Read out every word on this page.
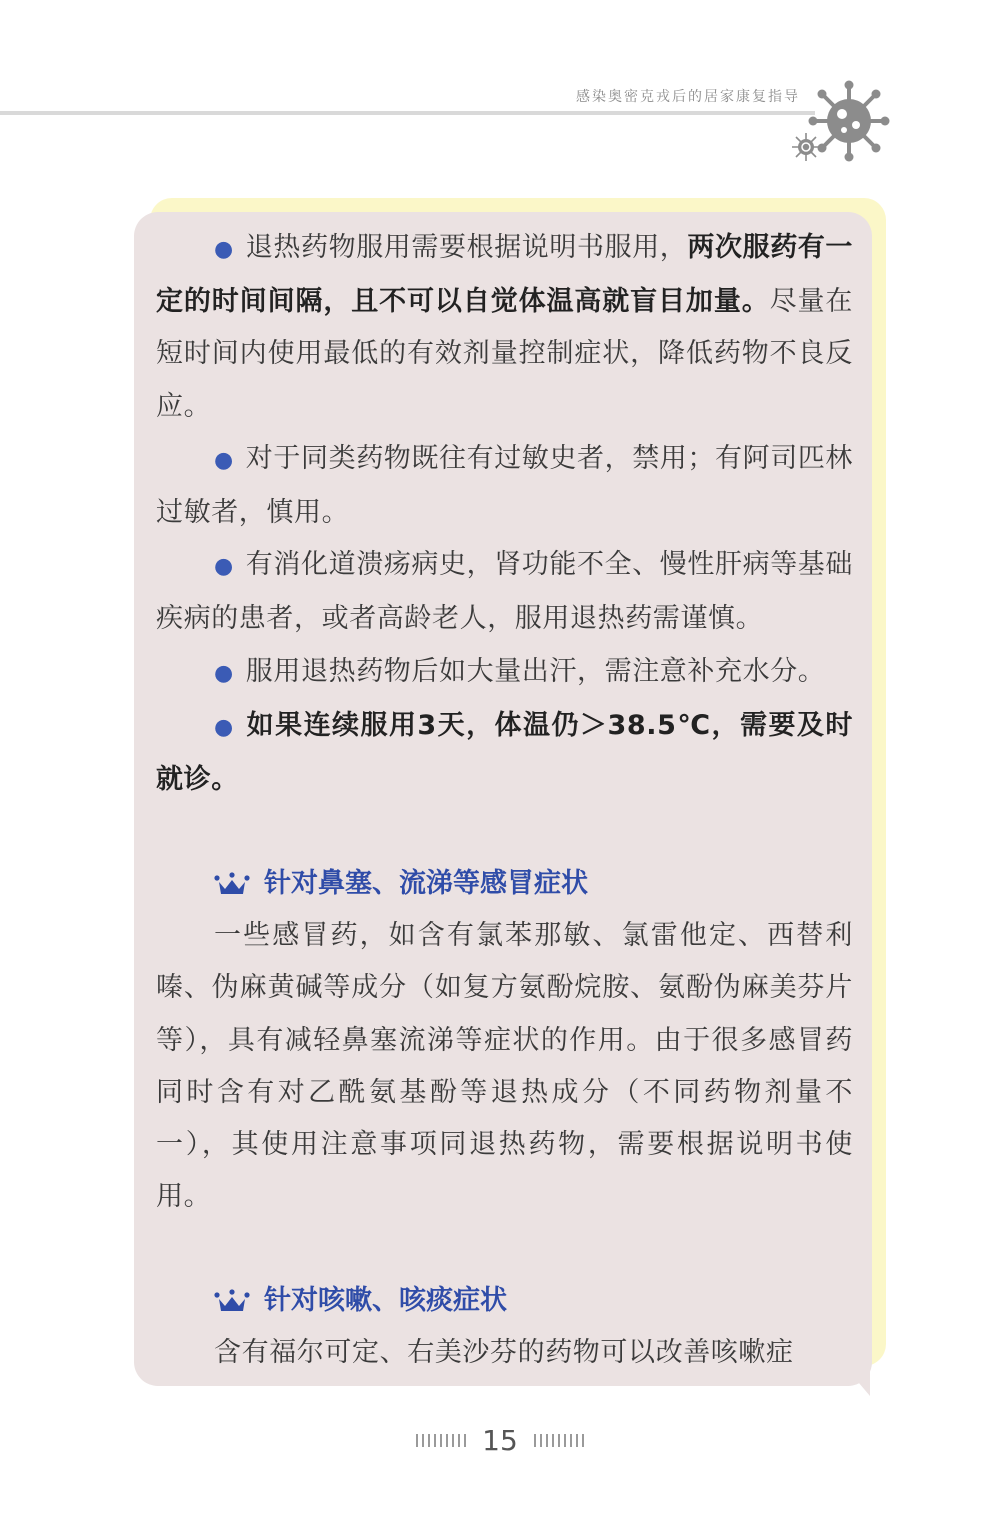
感染奥密克戎后的居家康复指导

● 退热药物服用需要根据说明书服用，两次服药有一定的时间间隔，且不可以自觉体温高就盲目加量。尽量在短时间内使用最低的有效剂量控制症状，降低药物不良反应。

● 对于同类药物既往有过敏史者，禁用；有阿司匹林过敏者，慎用。

● 有消化道溃疡病史，肾功能不全、慢性肝病等基础疾病的患者，或者高龄老人，服用退热药需谨慎。

● 服用退热药物后如大量出汗，需注意补充水分。

● 如果连续服用3天，体温仍＞38.5℃，需要及时就诊。

针对鼻塞、流涕等感冒症状

一些感冒药，如含有氯苯那敏、氯雷他定、西替利嗪、伪麻黄碱等成分（如复方氨酚烷胺、氨酚伪麻美芬片等），具有减轻鼻塞流涕等症状的作用。由于很多感冒药同时含有对乙酰氨基酚等退热成分（不同药物剂量不一），其使用注意事项同退热药物，需要根据说明书使用。

针对咳嗽、咳痰症状

含有福尔可定、右美沙芬的药物可以改善咳嗽症

15
